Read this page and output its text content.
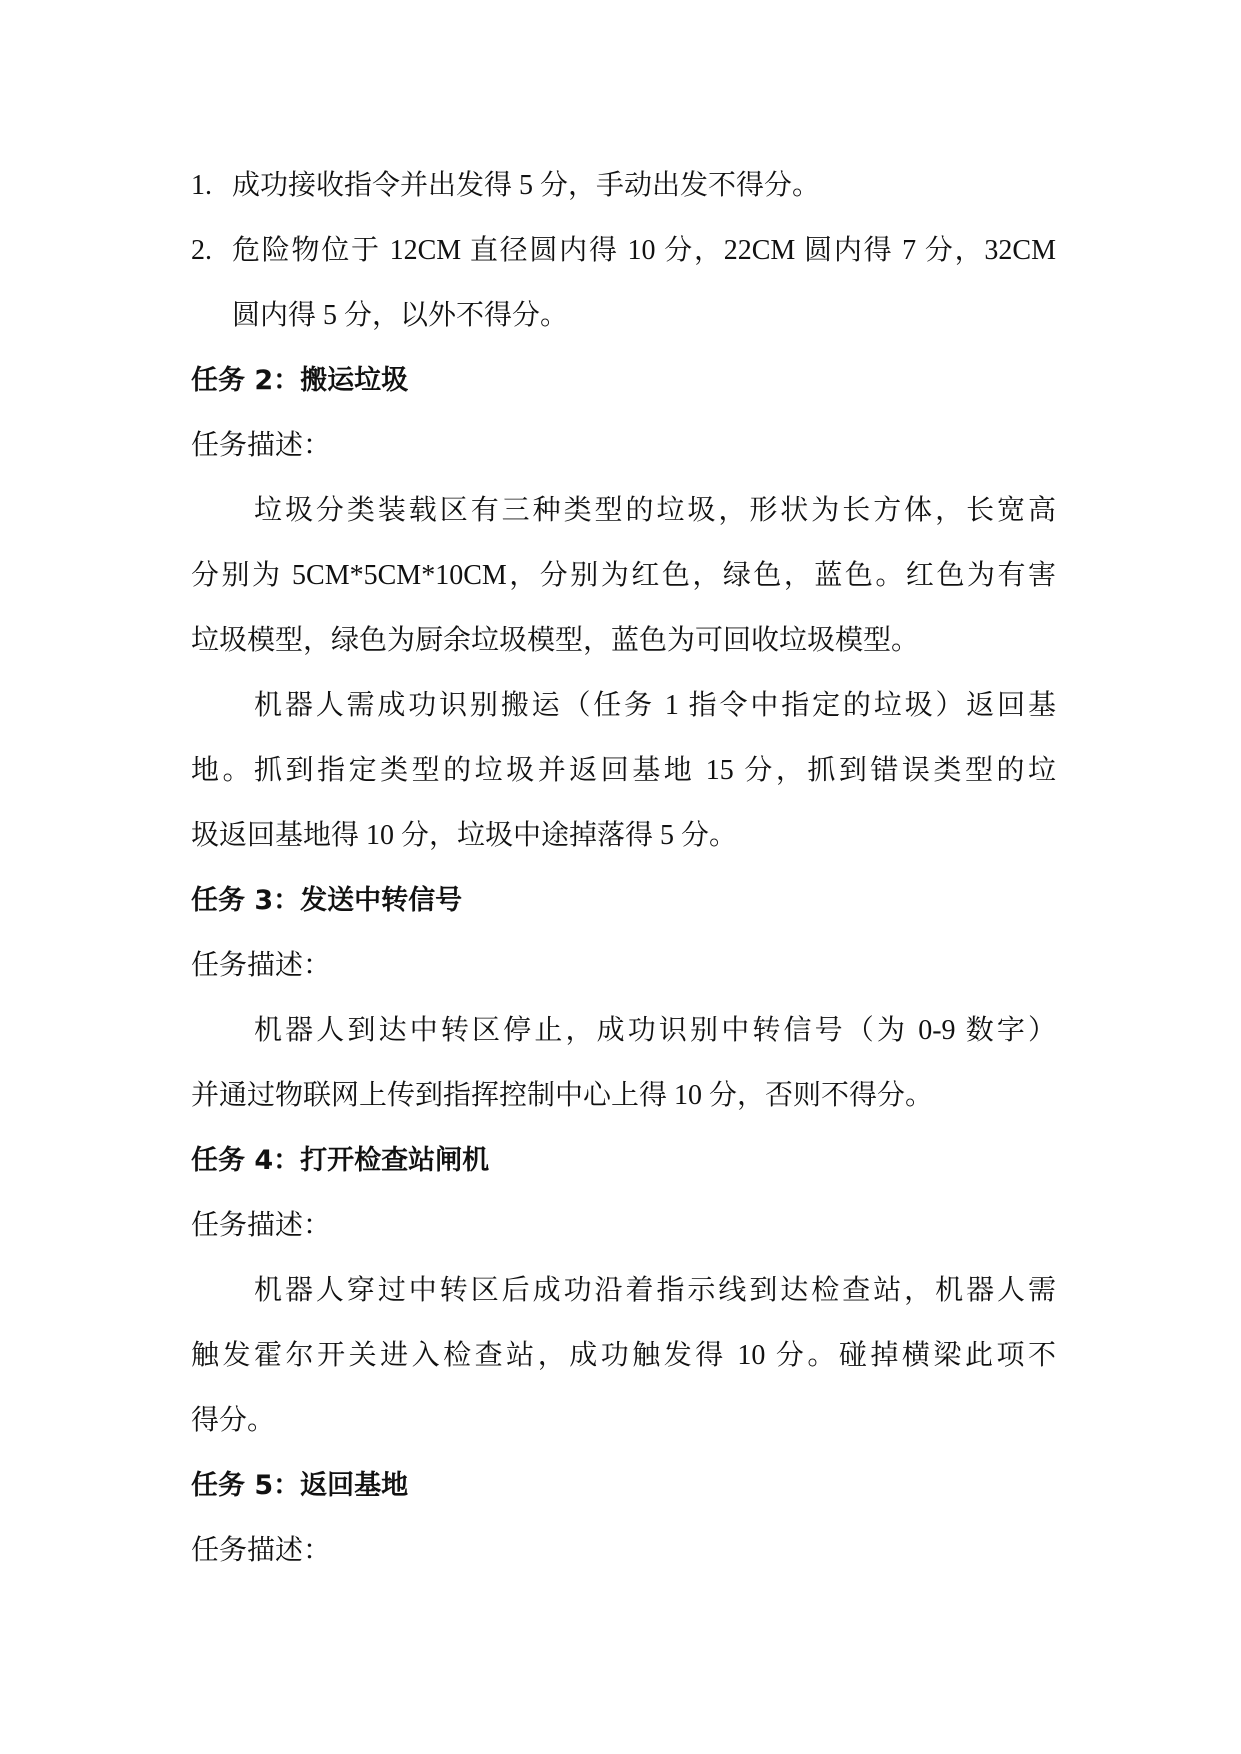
1. 成功接收指令并出发得 5 分，手动出发不得分。
2. 危险物位于 12CM 直径圆内得 10 分，22CM 圆内得 7 分，32CM
圆内得 5 分，以外不得分。
任务 2：搬运垃圾
任务描述：
垃圾分类装载区有三种类型的垃圾，形状为长方体，长宽高
分别为 5CM*5CM*10CM，分别为红色，绿色，蓝色。红色为有害
垃圾模型，绿色为厨余垃圾模型，蓝色为可回收垃圾模型。
机器人需成功识别搬运（任务 1 指令中指定的垃圾）返回基
地。抓到指定类型的垃圾并返回基地 15 分，抓到错误类型的垃
圾返回基地得 10 分，垃圾中途掉落得 5 分。
任务 3：发送中转信号
任务描述：
机器人到达中转区停止，成功识别中转信号（为 0-9 数字）
并通过物联网上传到指挥控制中心上得 10 分，否则不得分。
任务 4：打开检查站闸机
任务描述：
机器人穿过中转区后成功沿着指示线到达检查站，机器人需
触发霍尔开关进入检查站，成功触发得 10 分。碰掉横梁此项不
得分。
任务 5：返回基地
任务描述：
